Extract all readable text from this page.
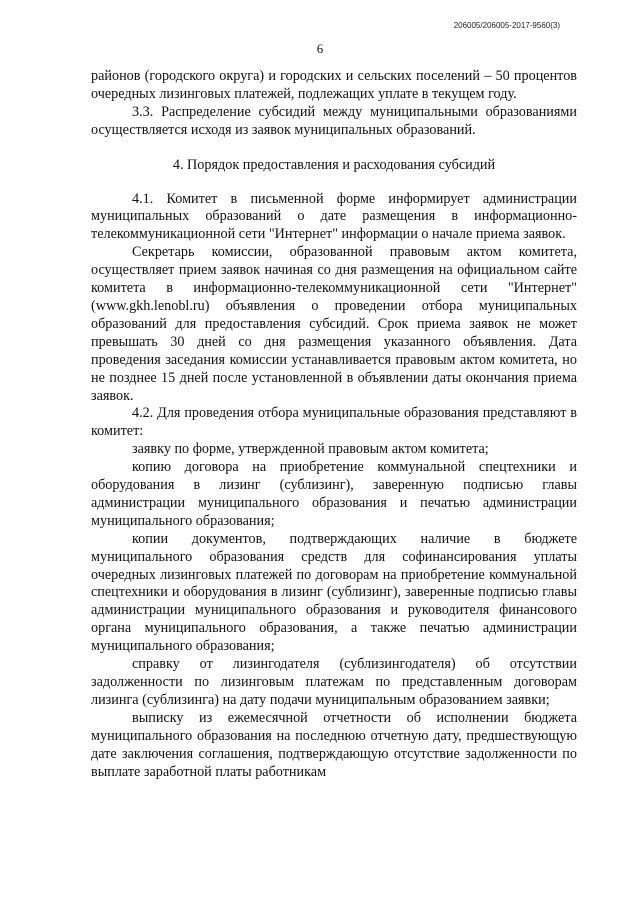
206005/206005-2017-9560(3)
6

районов (городского округа) и городских и сельских поселений – 50 процентов очередных лизинговых платежей, подлежащих уплате в текущем году.

3.3. Распределение субсидий между муниципальными образованиями осуществляется исходя из заявок муниципальных образований.

4. Порядок предоставления и расходования субсидий

4.1. Комитет в письменной форме информирует администрации муниципальных образований о дате размещения в информационно-телекоммуникационной сети "Интернет" информации о начале приема заявок.

Секретарь комиссии, образованной правовым актом комитета, осуществляет прием заявок начиная со дня размещения на официальном сайте комитета в информационно-телекоммуникационной сети "Интернет" (www.gkh.lenobl.ru) объявления о проведении отбора муниципальных образований для предоставления субсидий. Срок приема заявок не может превышать 30 дней со дня размещения указанного объявления. Дата проведения заседания комиссии устанавливается правовым актом комитета, но не позднее 15 дней после установленной в объявлении даты окончания приема заявок.

4.2. Для проведения отбора муниципальные образования представляют в комитет:

заявку по форме, утвержденной правовым актом комитета;

копию договора на приобретение коммунальной спецтехники и оборудования в лизинг (сублизинг), заверенную подписью главы администрации муниципального образования и печатью администрации муниципального образования;

копии документов, подтверждающих наличие в бюджете муниципального образования средств для софинансирования уплаты очередных лизинговых платежей по договорам на приобретение коммунальной спецтехники и оборудования в лизинг (сублизинг), заверенные подписью главы администрации муниципального образования и руководителя финансового органа муниципального образования, а также печатью администрации муниципального образования;

справку от лизингодателя (сублизингодателя) об отсутствии задолженности по лизинговым платежам по представленным договорам лизинга (сублизинга) на дату подачи муниципальным образованием заявки;

выписку из ежемесячной отчетности об исполнении бюджета муниципального образования на последнюю отчетную дату, предшествующую дате заключения соглашения, подтверждающую отсутствие задолженности по выплате заработной платы работникам
